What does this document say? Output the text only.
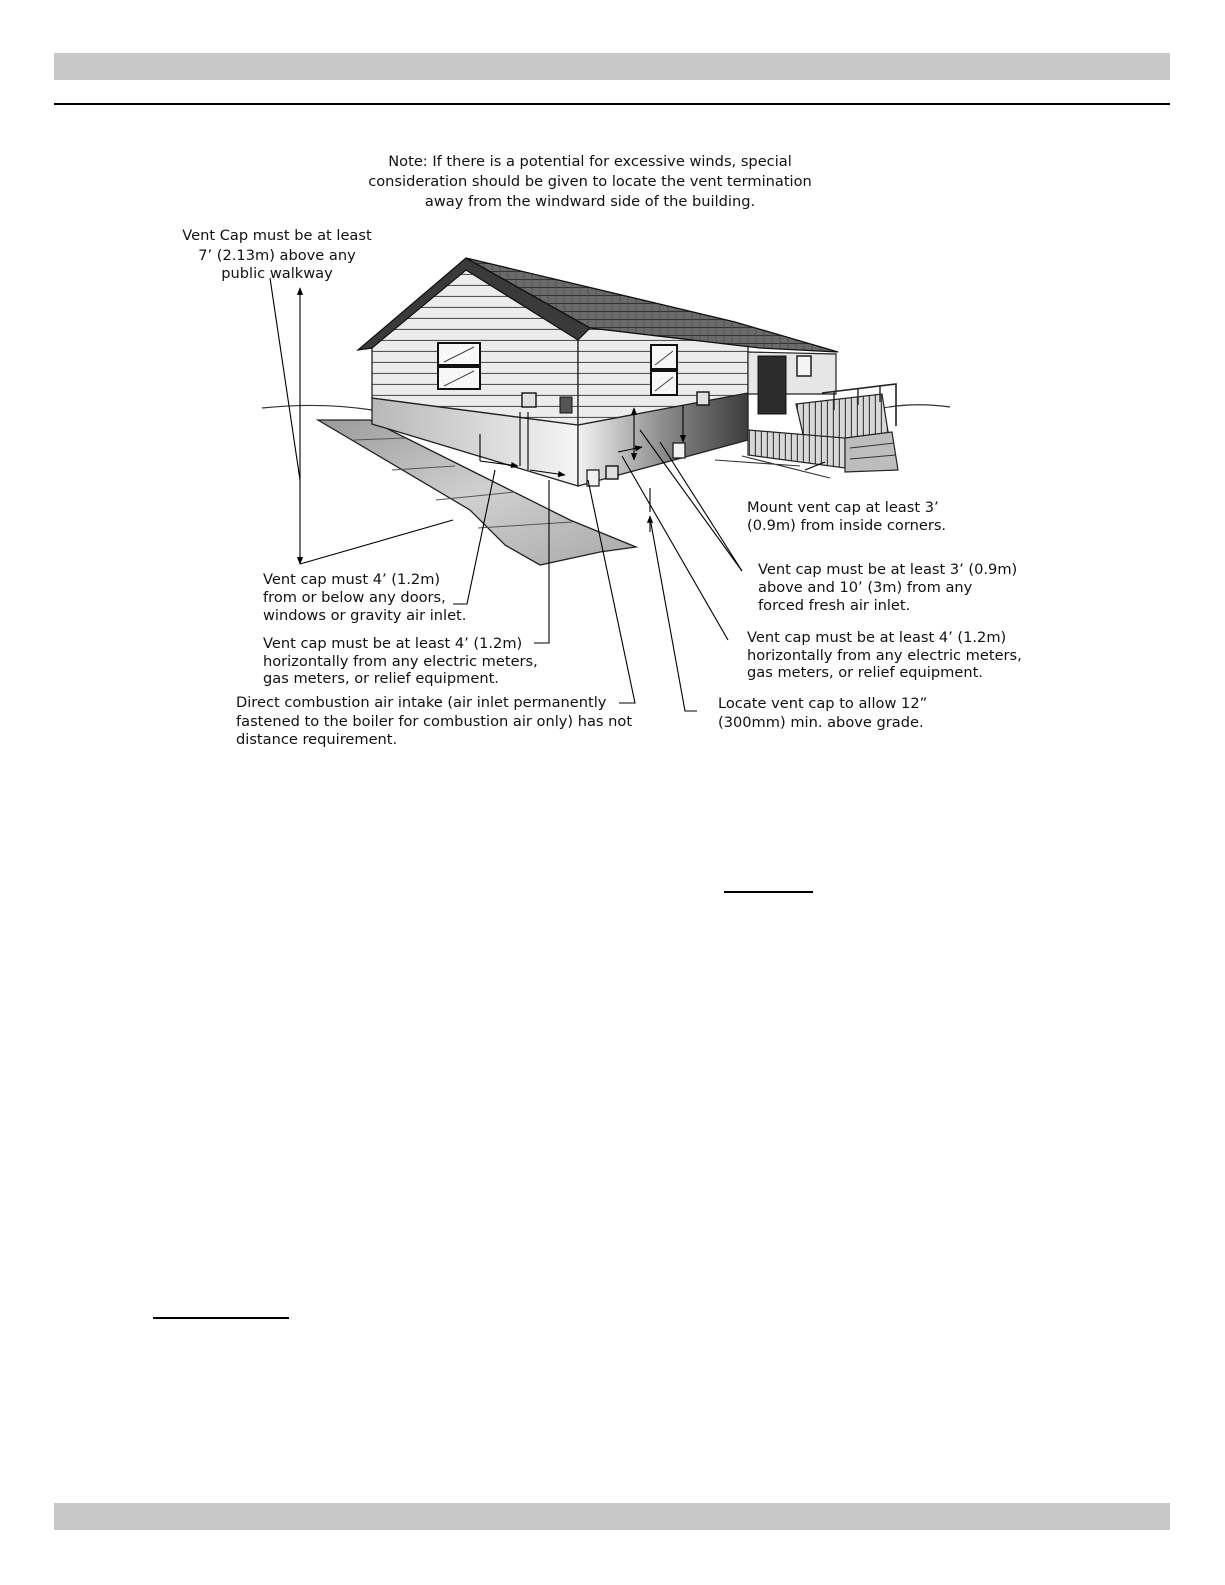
Note: If there is a potential for excessive winds, special
consideration should be given to locate the vent termination
away from the windward side of the building.
Vent Cap must be at least
7’ (2.13m) above any
public walkway
Vent cap must 4’ (1.2m)
from or below any doors,
windows or gravity air inlet.
Vent cap must be at least 4’ (1.2m)
horizontally from any electric meters,
gas meters, or relief equipment.
Direct combustion air intake (air inlet permanently
fastened to the boiler for combustion air only) has not
distance requirement.
Mount vent cap at least 3’
(0.9m) from inside corners.
Vent cap must be at least 3’ (0.9m)
above and 10’ (3m) from any
forced fresh air inlet.
Vent cap must be at least 4’ (1.2m)
horizontally from any electric meters,
gas meters, or relief equipment.
Locate vent cap to allow 12”
(300mm) min. above grade.
